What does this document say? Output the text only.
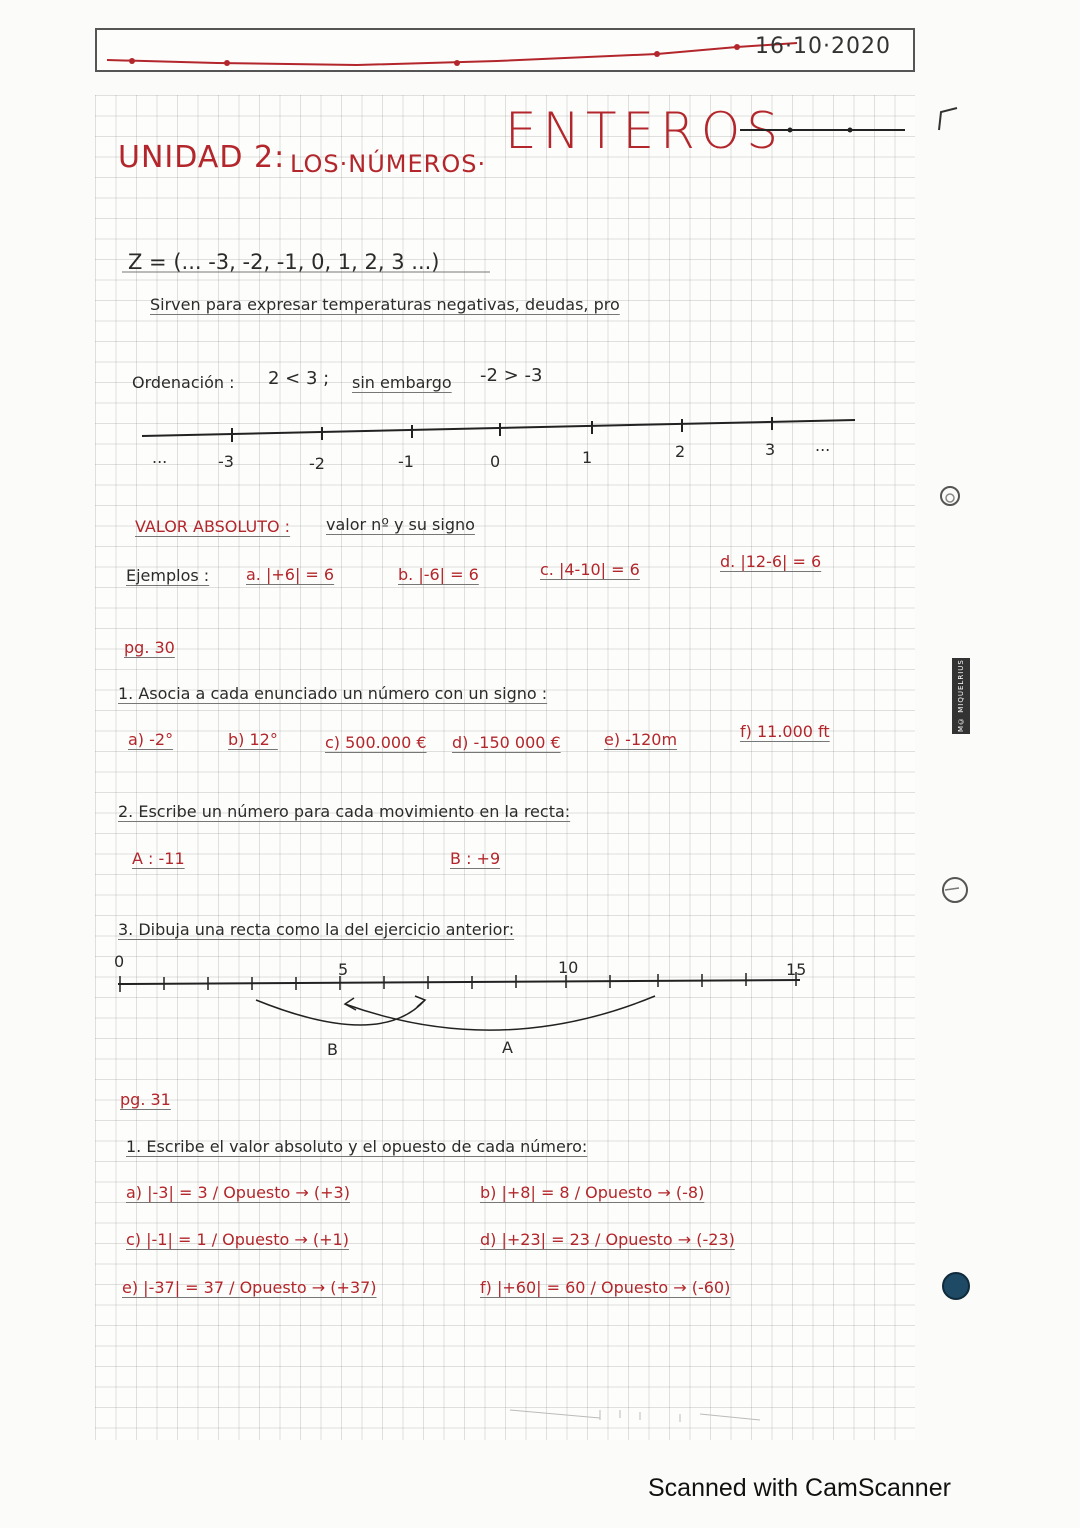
16·10·2020
UNIDAD 2: LOS·NÚMEROS·
ENTEROS
Z = (... -3, -2, -1, 0, 1, 2, 3 ...)
Sirven para expresar temperaturas negativas, deudas, pro
Ordenación : 2 < 3 ; sin embargo -2 > -3
...	-3	-2	-1	0	1	2	3 ...
VALOR ABSOLUTO : valor nº y su signo
Ejemplos : a. |+6| = 6	b. |-6| = 6	c. |4-10| = 6	d. |12-6| = 6
pg. 30
1. Asocia a cada enunciado un número con un signo :
a) -2°	b) 12°	c) 500.000 € d) -150 000 €	e) -120m	f) 11.000 ft
2. Escribe un número para cada movimiento en la recta:
A : -11	B : +9
3. Dibuja una recta como la del ejercicio anterior:
0	5	10	15
B	A
pg. 31
1. Escribe el valor absoluto y el opuesto de cada número:
a) |-3| = 3 / Opuesto → (+3)	b) |+8| = 8 / Opuesto → (-8)
c) |-1| = 1 / Opuesto → (+1)	d) |+23| = 23 / Opuesto → (-23)
e) |-37| = 37 / Opuesto → (+37)	f) |+60| = 60 / Opuesto → (-60)
M© MIQUELRIUS
Scanned with CamScanner
